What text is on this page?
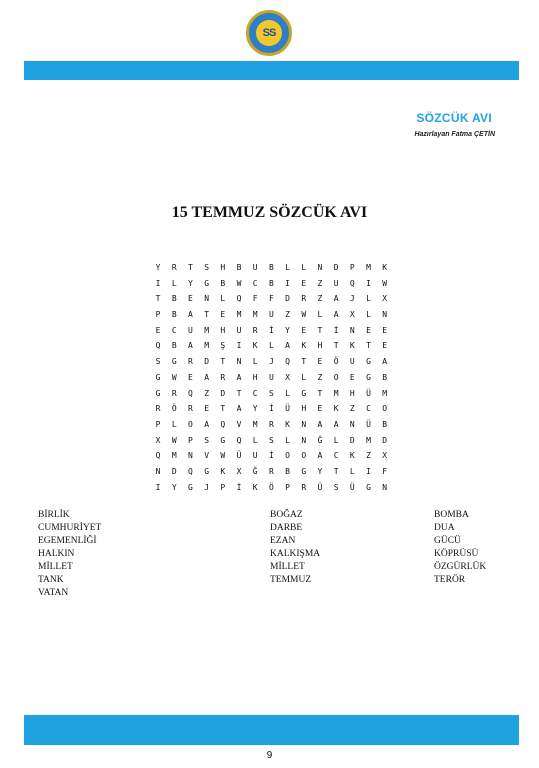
SS
SÖZCÜK AVI
Hazırlayan Fatma ÇETİN
15 TEMMUZ SÖZCÜK AVI
Y	R	T	S	H	B	U	B	L	L	N	D	P	M	K
I	L	Y	G	B	W	C	B	I	E	Z	U	Q	I	W
T	B	E	N	L	Q	F	F	D	R	Z	A	J	L	X
P	B	A	T	E	M	M	U	Z	W	L	A	X	L	N
E	C	U	M	H	U	R	İ	Y	E	T	İ	N	E	E
Q	B	A	M	Ş	I	K	L	A	K	H	T	K	T	E
S	G	R	D	T	N	L	J	Q	T	E	Ö	U	G	A
G	W	E	A	R	A	H	U	X	L	Z	O	E	G	B
G	R	Q	Z	D	T	C	S	L	G	T	M	H	Ü	M
R	Ö	R	E	T	A	Y	İ	Ü	H	E	K	Z	C	O
P	L	O	A	Q	V	M	R	K	N	A	A	N	Ü	B
X	W	P	S	G	Q	L	S	L	N	Ğ	L	D	M	D
Q	M	N	V	W	Ü	U	İ	O	O	A	C	K	Z	X
N	D	Q	G	K	X	Ğ	R	B	G	Y	T	L	I	F
I	Y	G	J	P	İ	K	Ö	P	R	Ü	S	Ü	G	N
BİRLİK
CUMHURİYET
EGEMENLİĞİ
HALKIN
MİLLET
TANK
VATAN
BOĞAZ
DARBE
EZAN
KALKIŞMA
MİLLET
TEMMUZ
BOMBA
DUA
GÜCÜ
KÖPRÜSÜ
ÖZGÜRLÜK
TERÖR
9
